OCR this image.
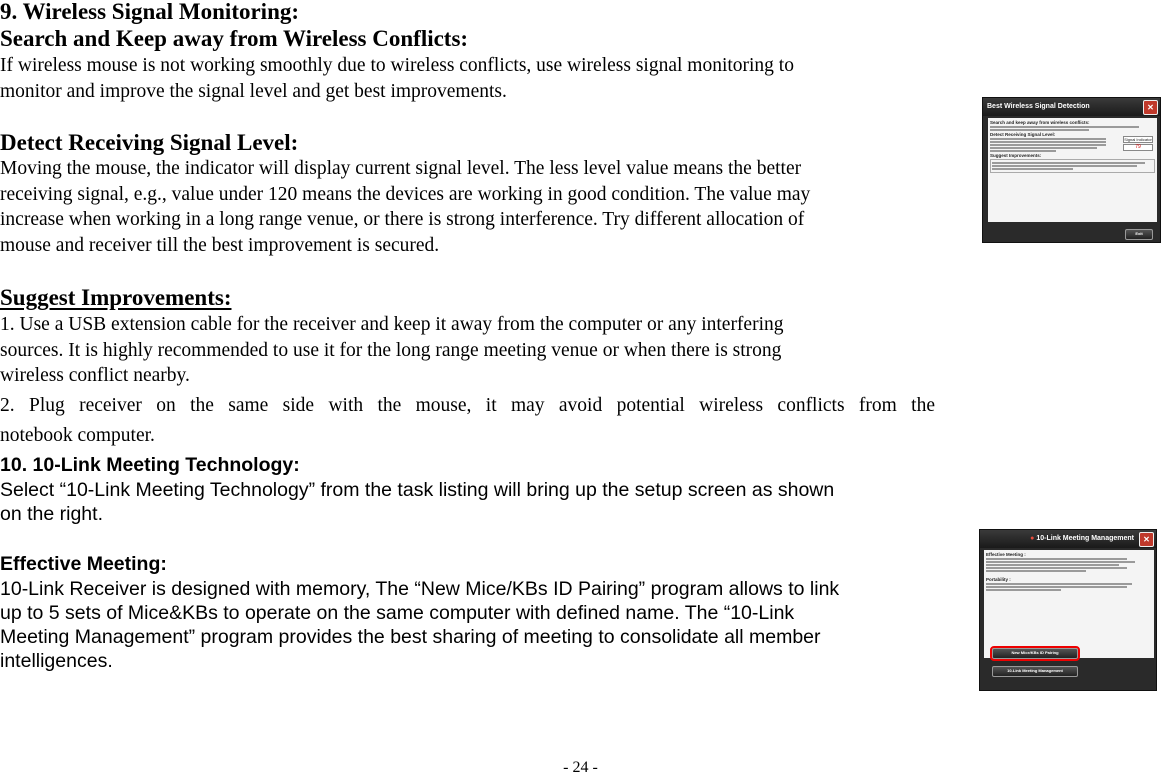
9. Wireless Signal Monitoring:
Search and Keep away from Wireless Conflicts:
If wireless mouse is not working smoothly due to wireless conflicts, use wireless signal monitoring to
monitor and improve the signal level and get best improvements.
Detect Receiving Signal Level:
Moving the mouse, the indicator will display current signal level. The less level value means the better
receiving signal, e.g., value under 120 means the devices are working in good condition. The value may
increase when working in a long range venue, or there is strong interference. Try different allocation of
mouse and receiver till the best improvement is secured.
Suggest Improvements:
1. Use a USB extension cable for the receiver and keep it away from the computer or any interfering
sources. It is highly recommended to use it for the long range meeting venue or when there is strong
wireless conflict nearby.
2. Plug receiver on the same side with the mouse, it may avoid potential wireless conflicts from the
notebook computer.
10. 10-Link Meeting Technology:
Select “10-Link Meeting Technology” from the task listing will bring up the setup screen as shown
on the right.
Effective Meeting:
10-Link Receiver is designed with memory, The “New Mice/KBs ID Pairing” program allows to link
up to 5 sets of Mice&KBs to operate on the same computer with defined name. The “10-Link
Meeting Management” program provides the best sharing of meeting to consolidate all member
intelligences.
Best Wireless Signal Detection	✕
Search and keep away from wireless conflicts:
Detect Receiving Signal Level:
Signal Indicator
79
Suggest Improvements:
Exit
● 10-Link Meeting Management	✕
Effective Meeting :
Portability :
New Mice/KBs ID Pairing
10-Link Meeting Management
- 24 -
